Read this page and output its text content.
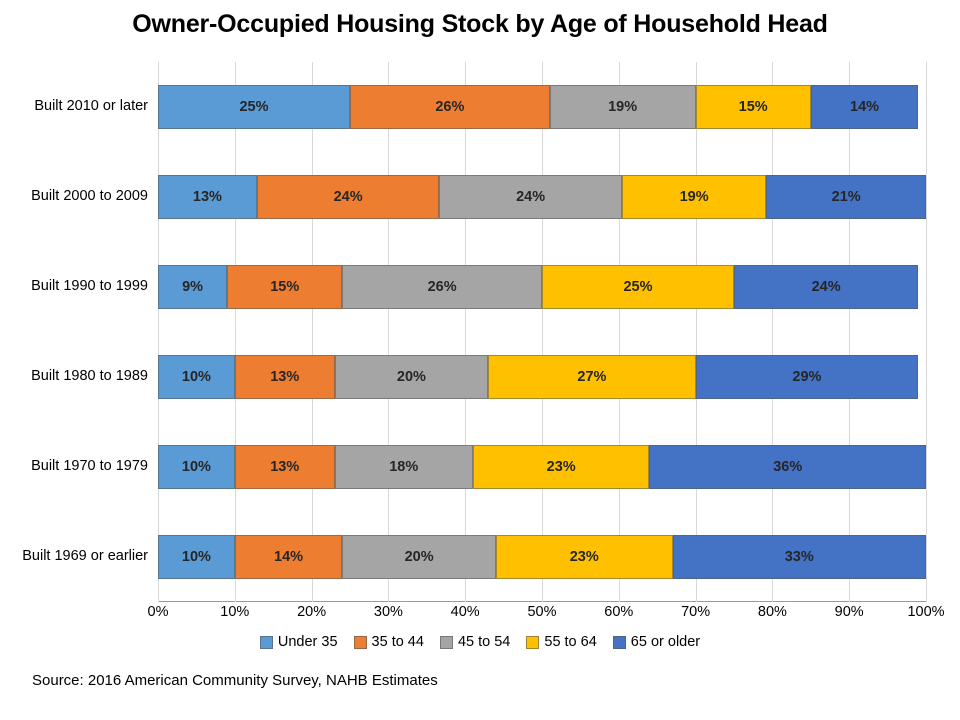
Owner-Occupied Housing Stock by Age of Household Head
25%	26%	19%	15%	14%
13%	24%	24%	19%	21%
9%	15%	26%	25%	24%
10%	13%	20%	27%	29%
10%	13%	18%	23%	36%
10%	14%	20%	23%	33%
Built 2010 or later
Built 2000 to 2009
Built 1990 to 1999
Built 1980 to 1989
Built 1970 to 1979
Built 1969 or earlier
Under 35 35 to 44 45 to 54 55 to 64 65 or older
Source: 2016 American Community Survey, NAHB Estimates
0%	10%	20%	30%	40%	50%	60%	70%	80%	90%	100%
